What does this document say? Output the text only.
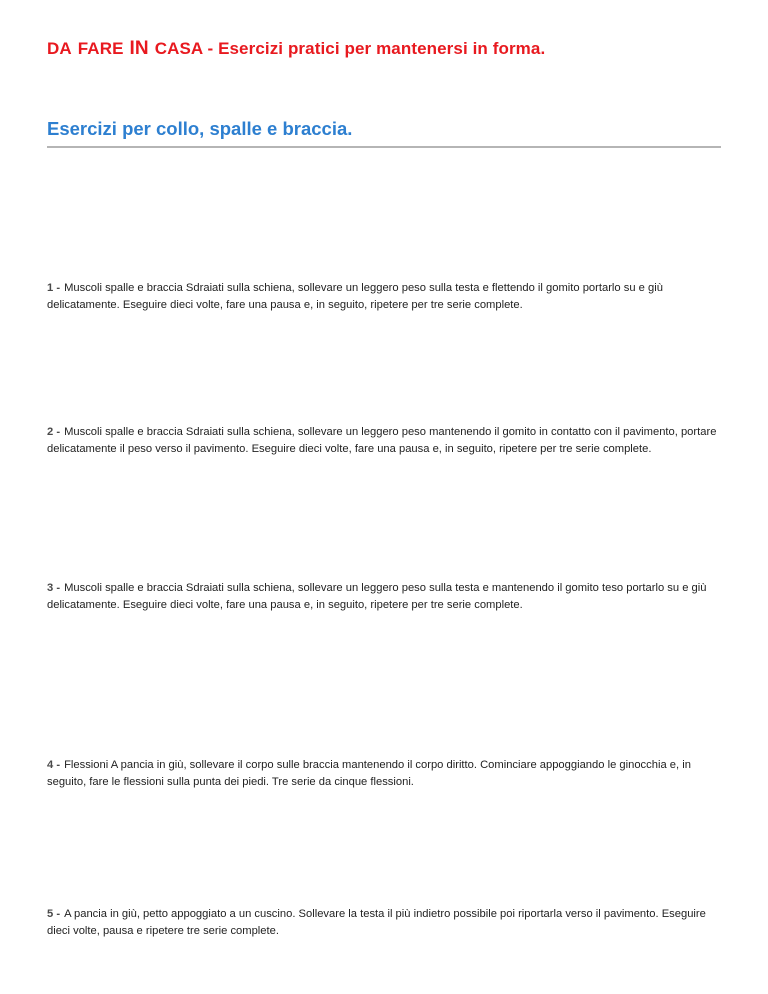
DA FARE IN CASA - Esercizi pratici per mantenersi in forma.
Esercizi per collo, spalle e braccia.
1 - Muscoli spalle e braccia Sdraiati sulla schiena, sollevare un leggero peso sulla testa e flettendo il gomito portarlo su e giù delicatamente. Eseguire dieci volte, fare una pausa e, in seguito, ripetere per tre serie complete.
2 - Muscoli spalle e braccia Sdraiati sulla schiena, sollevare un leggero peso mantenendo il gomito in contatto con il pavimento, portare delicatamente il peso verso il pavimento. Eseguire dieci volte, fare una pausa e, in seguito, ripetere per tre serie complete.
3 - Muscoli spalle e braccia Sdraiati sulla schiena, sollevare un leggero peso sulla testa e mantenendo il gomito teso portarlo su e giù delicatamente. Eseguire dieci volte, fare una pausa e, in seguito, ripetere per tre serie complete.
4 - Flessioni A pancia in giù, sollevare il corpo sulle braccia mantenendo il corpo diritto. Cominciare appoggiando le ginocchia e, in seguito, fare le flessioni sulla punta dei piedi. Tre serie da cinque flessioni.
5 - A pancia in giù, petto appoggiato a un cuscino. Sollevare la testa il più indietro possibile poi riportarla verso il pavimento. Eseguire dieci volte, pausa e ripetere tre serie complete.
